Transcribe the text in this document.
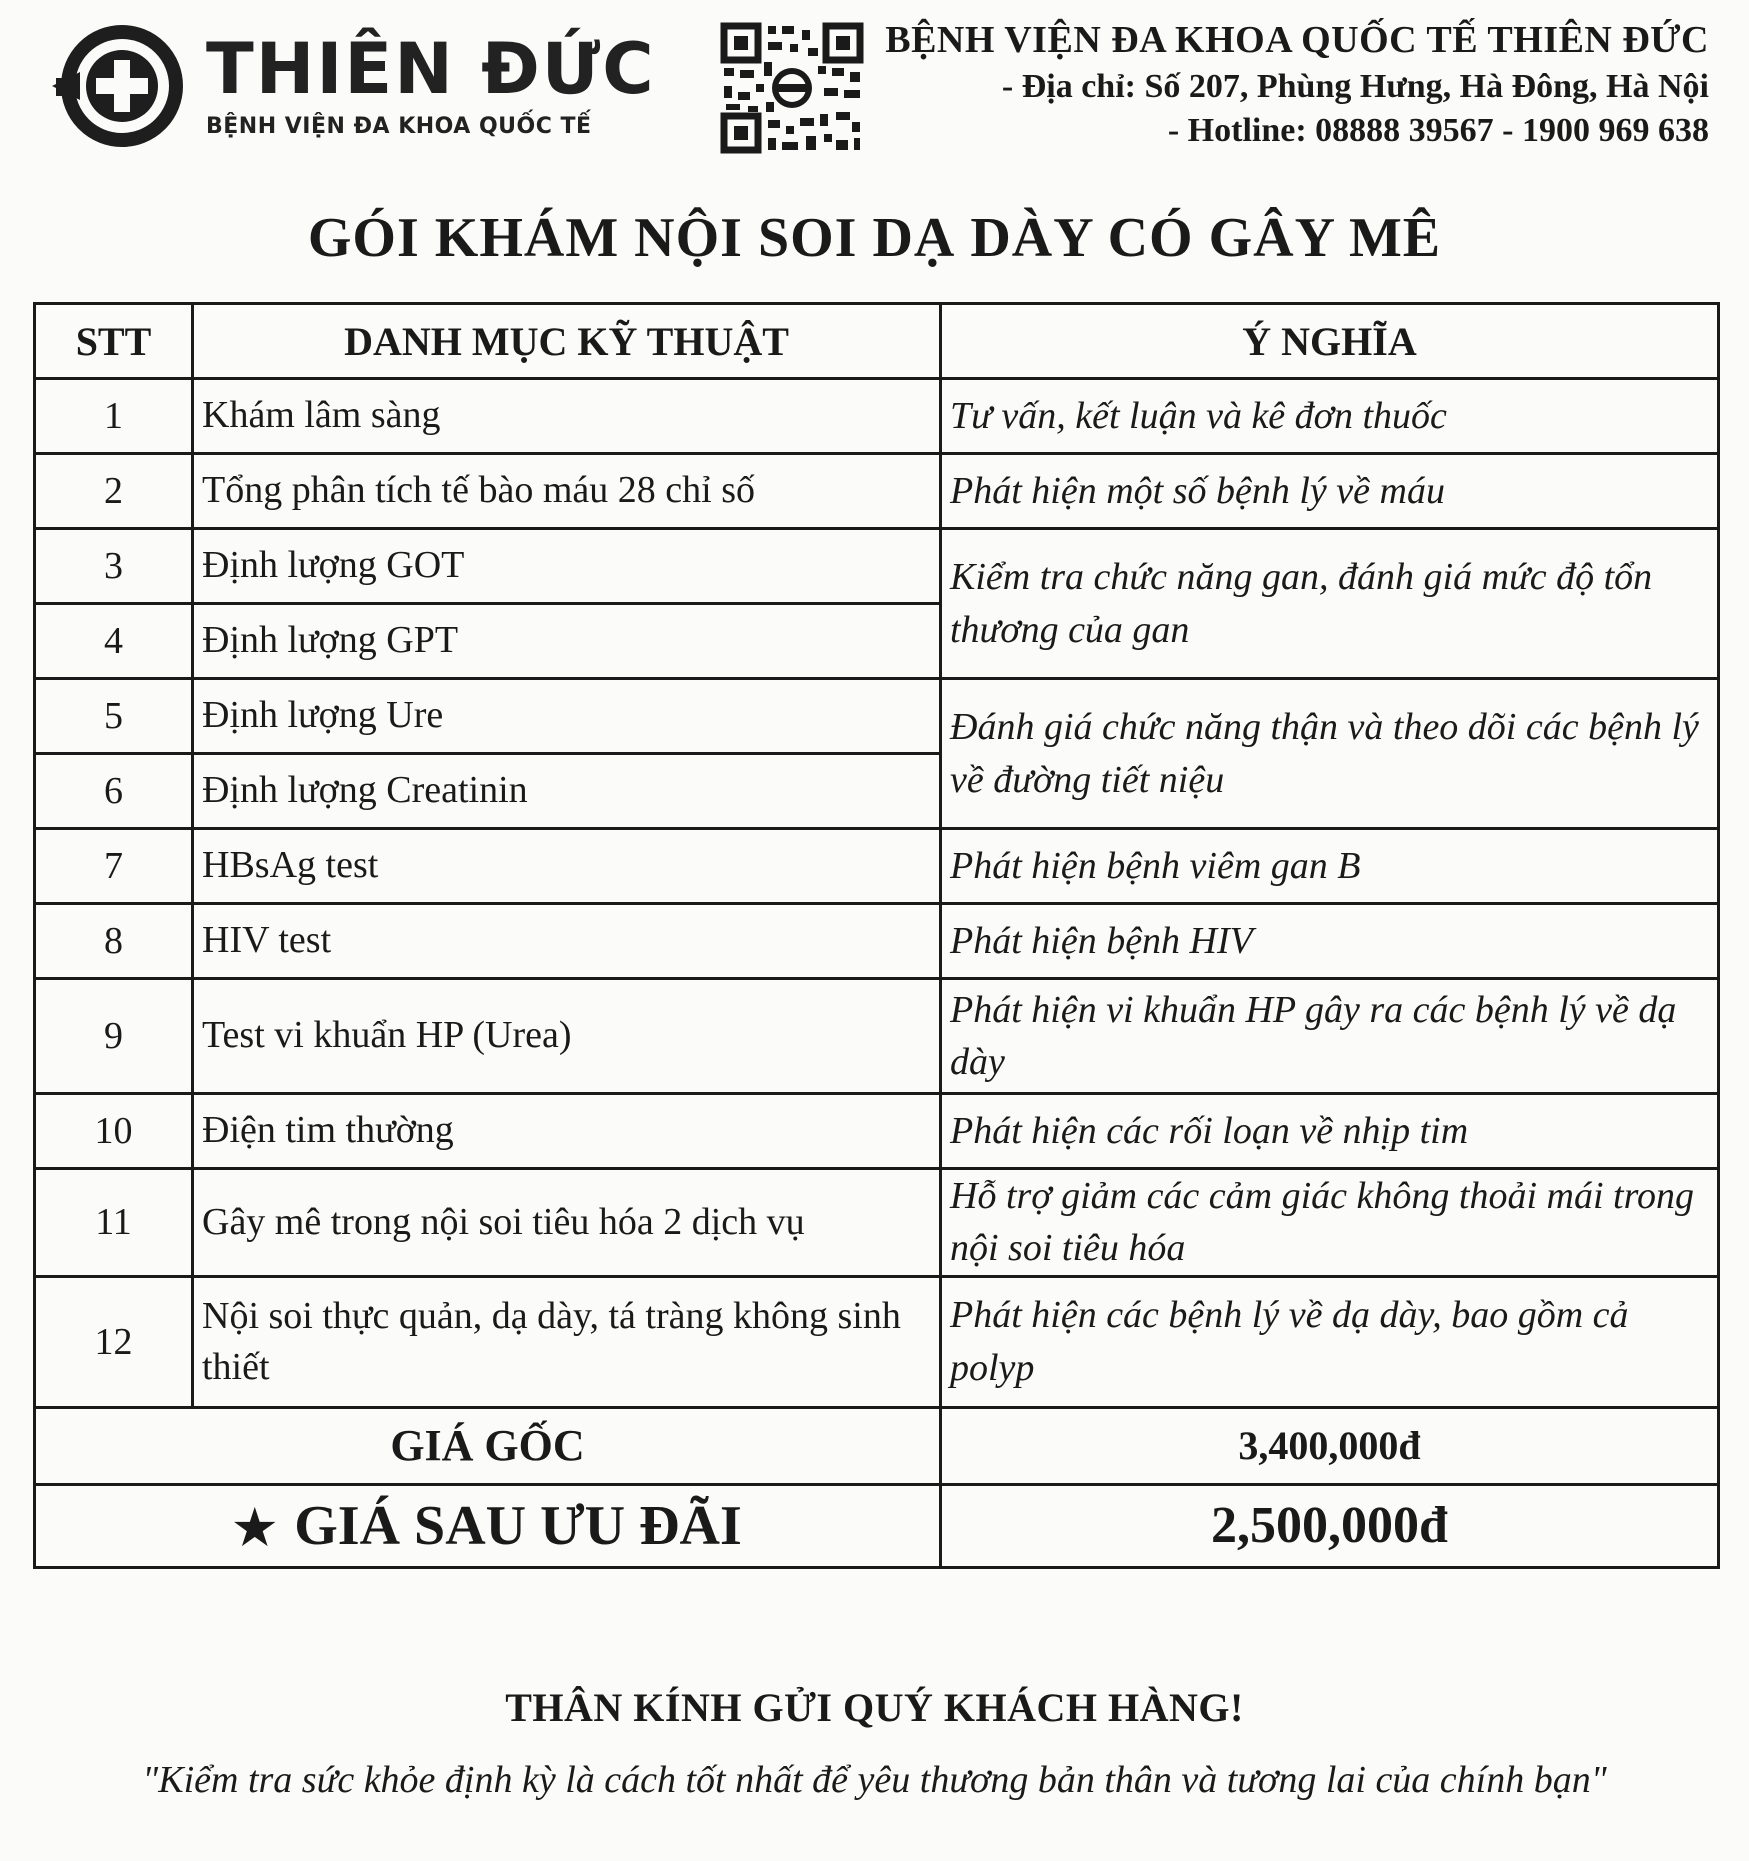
THIÊN ĐỨC
BỆNH VIỆN ĐA KHOA QUỐC TẾ
BỆNH VIỆN ĐA KHOA QUỐC TẾ THIÊN ĐỨC
- Địa chỉ: Số 207, Phùng Hưng, Hà Đông, Hà Nội
- Hotline: 08888 39567 - 1900 969 638
GÓI KHÁM NỘI SOI DẠ DÀY CÓ GÂY MÊ
STT	DANH MỤC KỸ THUẬT	Ý NGHĨA
1	Khám lâm sàng	Tư vấn, kết luận và kê đơn thuốc
2	Tổng phân tích tế bào máu 28 chỉ số	Phát hiện một số bệnh lý về máu
3	Định lượng GOT	Kiểm tra chức năng gan, đánh giá mức độ tổn thương của gan
4	Định lượng GPT	
5	Định lượng Ure	Đánh giá chức năng thận và theo dõi các bệnh lý về đường tiết niệu
6	Định lượng Creatinin	
7	HBsAg test	Phát hiện bệnh viêm gan B
8	HIV test	Phát hiện bệnh HIV
9	Test vi khuẩn HP (Urea)	Phát hiện vi khuẩn HP gây ra các bệnh lý về dạ dày
10	Điện tim thường	Phát hiện các rối loạn về nhịp tim
11	Gây mê trong nội soi tiêu hóa 2 dịch vụ	Hỗ trợ giảm các cảm giác không thoải mái trong nội soi tiêu hóa
12	Nội soi thực quản, dạ dày, tá tràng không sinh thiết	Phát hiện các bệnh lý về dạ dày, bao gồm cả polyp
GIÁ GỐC		3,400,000đ
★ GIÁ SAU ƯU ĐÃI		2,500,000đ
THÂN KÍNH GỬI QUÝ KHÁCH HÀNG!
"Kiểm tra sức khỏe định kỳ là cách tốt nhất để yêu thương bản thân và tương lai của chính bạn"
